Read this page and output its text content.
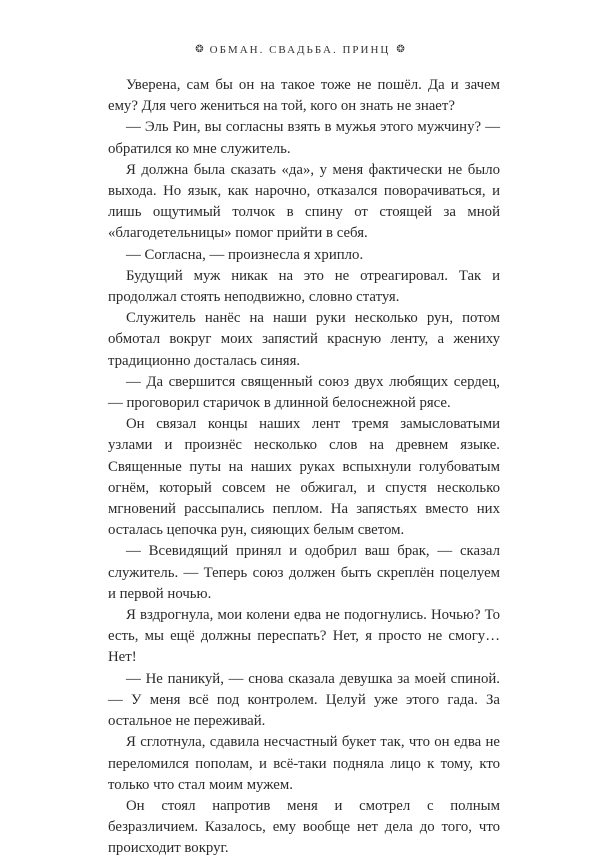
❂ ОБМАН. СВАДЬБА. ПРИНЦ ❂

Уверена, сам бы он на такое тоже не пошёл. Да и зачем ему? Для чего жениться на той, кого он знать не знает?

— Эль Рин, вы согласны взять в мужья этого мужчину? — обратился ко мне служитель.

Я должна была сказать «да», у меня фактически не было выхода. Но язык, как нарочно, отказался поворачиваться, и лишь ощутимый толчок в спину от стоящей за мной «благодетельницы» помог прийти в себя.

— Согласна, — произнесла я хрипло.

Будущий муж никак на это не отреагировал. Так и продолжал стоять неподвижно, словно статуя.

Служитель нанёс на наши руки несколько рун, потом обмотал вокруг моих запястий красную ленту, а жениху традиционно досталась синяя.

— Да свершится священный союз двух любящих сердец, — проговорил старичок в длинной белоснежной рясе.

Он связал концы наших лент тремя замысловатыми узлами и произнёс несколько слов на древнем языке. Священные путы на наших руках вспыхнули голубоватым огнём, который совсем не обжигал, и спустя несколько мгновений рассыпались пеплом. На запястьях вместо них осталась цепочка рун, сияющих белым светом.

— Всевидящий принял и одобрил ваш брак, — сказал служитель. — Теперь союз должен быть скреплён поцелуем и первой ночью.

Я вздрогнула, мои колени едва не подогнулись. Ночью? То есть, мы ещё должны переспать? Нет, я просто не смогу… Нет!

— Не паникуй, — снова сказала девушка за моей спиной. — У меня всё под контролем. Целуй уже этого гада. За остальное не переживай.

Я сглотнула, сдавила несчастный букет так, что он едва не переломился пополам, и всё-таки подняла лицо к тому, кто только что стал моим мужем.

Он стоял напротив меня и смотрел с полным безразличием. Казалось, ему вообще нет дела до того, что происходит вокруг.
